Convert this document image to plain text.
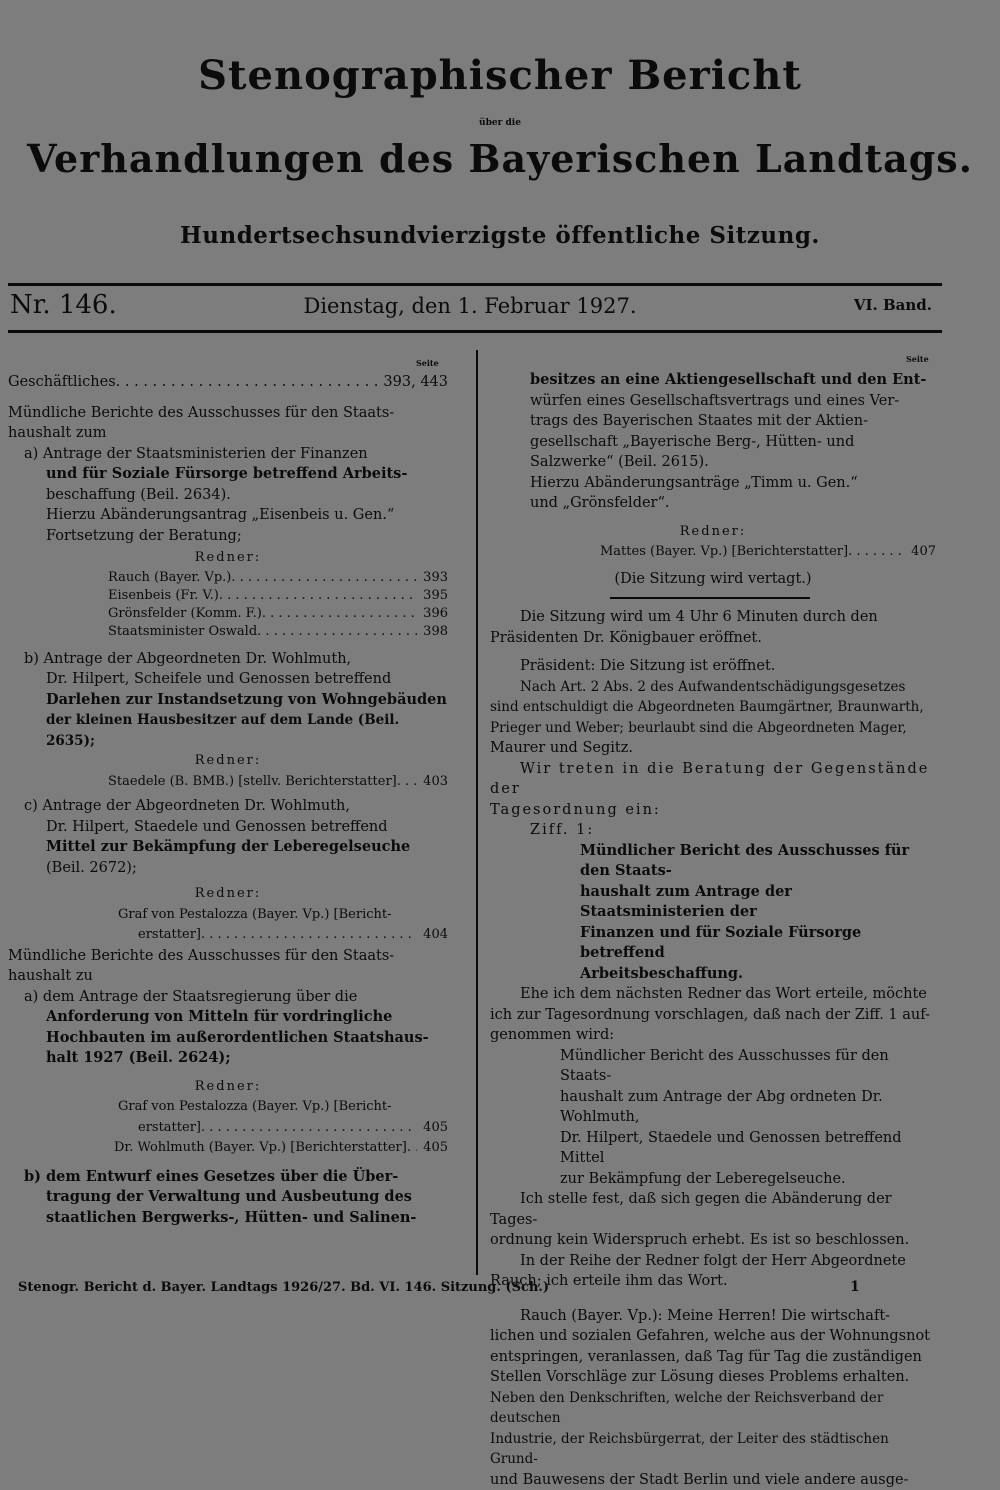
Stenographischer Bericht
über die
Verhandlungen des Bayerischen Landtags.
Hundertsechsundvierzigste öffentliche Sitzung.
Nr. 146.	Dienstag, den 1. Februar 1927.	VI. Band.
Seite
Geschäftliches . . .	393, 443

Mündliche Berichte des Ausschusses für den Staats-

haushalt zum

a) Antrage der Staatsministerien der Finanzen

und für Soziale Fürsorge betreffend Arbeits-

beschaffung (Beil. 2634).

Hierzu Abänderungsantrag „Eisenbeis u. Gen.“

Fortsetzung der Beratung;

Redner:

Rauch (Bayer. Vp.) . . .	393
Eisenbeis (Fr. V.) . . .	395
Grönsfelder (Komm. F.) . . .	396
Staatsminister Oswald . . .	398

b) Antrage der Abgeordneten Dr. Wohlmuth,

Dr. Hilpert, Scheifele und Genossen betreffend

Darlehen zur Instandsetzung von Wohngebäuden

der kleinen Hausbesitzer auf dem Lande (Beil. 2635);

Redner:

Staedele (B. BMB.) [stellv. Berichterstatter] . . .	403

c) Antrage der Abgeordneten Dr. Wohlmuth,

Dr. Hilpert, Staedele und Genossen betreffend

Mittel zur Bekämpfung der Leberegelseuche

(Beil. 2672);

Redner:

Graf von Pestalozza (Bayer. Vp.) [Bericht-

erstatter] . . .	404

Mündliche Berichte des Ausschusses für den Staats-

haushalt zu

a) dem Antrage der Staatsregierung über die

Anforderung von Mitteln für vordringliche

Hochbauten im außerordentlichen Staatshaus-

halt 1927 (Beil. 2624);

Redner:

Graf von Pestalozza (Bayer. Vp.) [Bericht-

erstatter] . . .	405
Dr. Wohlmuth (Bayer. Vp.) [Berichterstatter] . . .	405

b) dem Entwurf eines Gesetzes über die Über-

tragung der Verwaltung und Ausbeutung des

staatlichen Bergwerks-, Hütten- und Salinen-

Seite

besitzes an eine Aktiengesellschaft und den Ent-

würfen eines Gesellschaftsvertrags und eines Ver-

trags des Bayerischen Staates mit der Aktien-

gesellschaft „Bayerische Berg-, Hütten- und

Salzwerke“ (Beil. 2615).

Hierzu Abänderungsanträge „Timm u. Gen.“

und „Grönsfelder“.

Redner:

Mattes (Bayer. Vp.) [Berichterstatter] . . .	407

(Die Sitzung wird vertagt.)

Die Sitzung wird um 4 Uhr 6 Minuten durch den

Präsidenten Dr. Königbauer eröffnet.

Präsident: Die Sitzung ist eröffnet.

Nach Art. 2 Abs. 2 des Aufwandentschädigungsgesetzes

sind entschuldigt die Abgeordneten Baumgärtner, Braunwarth,

Prieger und Weber; beurlaubt sind die Abgeordneten Mager,

Maurer und Segitz.

Wir treten in die Beratung der Gegenstände der

Tagesordnung ein:

Ziff. 1:

Mündlicher Bericht des Ausschusses für den Staats-

haushalt zum Antrage der Staatsministerien der

Finanzen und für Soziale Fürsorge betreffend

Arbeitsbeschaffung.

Ehe ich dem nächsten Redner das Wort erteile, möchte

ich zur Tagesordnung vorschlagen, daß nach der Ziff. 1 auf-

genommen wird:

Mündlicher Bericht des Ausschusses für den Staats-

haushalt zum Antrage der Abg ordneten Dr. Wohlmuth,

Dr. Hilpert, Staedele und Genossen betreffend Mittel

zur Bekämpfung der Leberegelseuche.

Ich stelle fest, daß sich gegen die Abänderung der Tages-

ordnung kein Widerspruch erhebt. Es ist so beschlossen.

In der Reihe der Redner folgt der Herr Abgeordnete

Rauch; ich erteile ihm das Wort.

Rauch (Bayer. Vp.): Meine Herren! Die wirtschaft-

lichen und sozialen Gefahren, welche aus der Wohnungsnot

entspringen, veranlassen, daß Tag für Tag die zuständigen

Stellen Vorschläge zur Lösung dieses Problems erhalten.

Neben den Denkschriften, welche der Reichsverband der deutschen

Industrie, der Reichsbürgerrat, der Leiter des städtischen Grund-

und Bauwesens der Stadt Berlin und viele andere ausge-

Stenogr. Bericht d. Bayer. Landtags 1926/27. Bd. VI. 146. Sitzung. (Sch.)	1
